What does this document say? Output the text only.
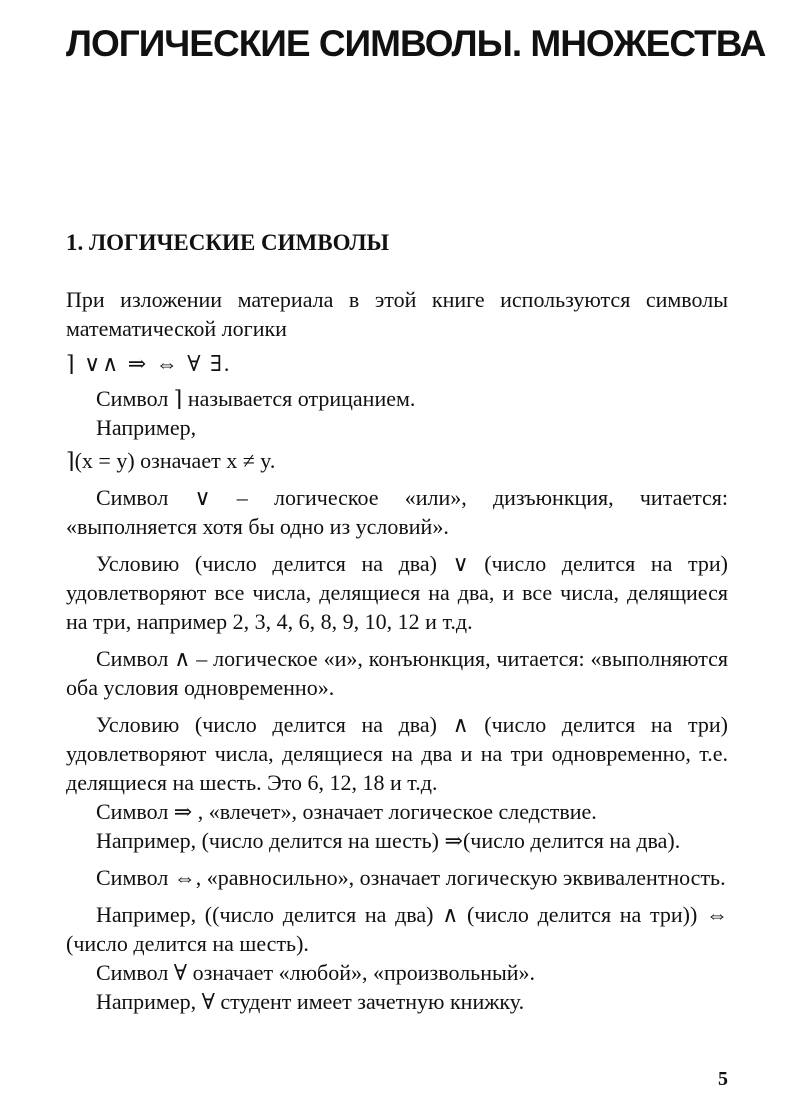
ЛОГИЧЕСКИЕ СИМВОЛЫ. МНОЖЕСТВА
1. ЛОГИЧЕСКИЕ СИМВОЛЫ

При изложении материала в этой книге используются символы математической логики

⌉ ∨∧ ⇒ ⇔ ∀ ∃.

Символ ⌉ называется отрицанием.

Например,

⌉(x = y) означает x ≠ y.

Символ ∨ – логическое «или», дизъюнкция, читается: «выполняется хотя бы одно из условий».

Условию (число делится на два) ∨ (число делится на три) удовлетворяют все числа, делящиеся на два, и все числа, делящиеся на три, например 2, 3, 4, 6, 8, 9, 10, 12 и т.д.

Символ ∧ – логическое «и», конъюнкция, читается: «выполняются оба условия одновременно».

Условию (число делится на два) ∧ (число делится на три) удовлетворяют числа, делящиеся на два и на три одновременно, т.е. делящиеся на шесть. Это 6, 12, 18 и т.д.

Символ ⇒ , «влечет», означает логическое следствие.

Например, (число делится на шесть) ⇒(число делится на два).

Символ ⇔, «равносильно», означает логическую эквивалентность.

Например, ((число делится на два) ∧ (число делится на три)) ⇔ (число делится на шесть).

Символ ∀ означает «любой», «произвольный».

Например, ∀ студент имеет зачетную книжку.

5
